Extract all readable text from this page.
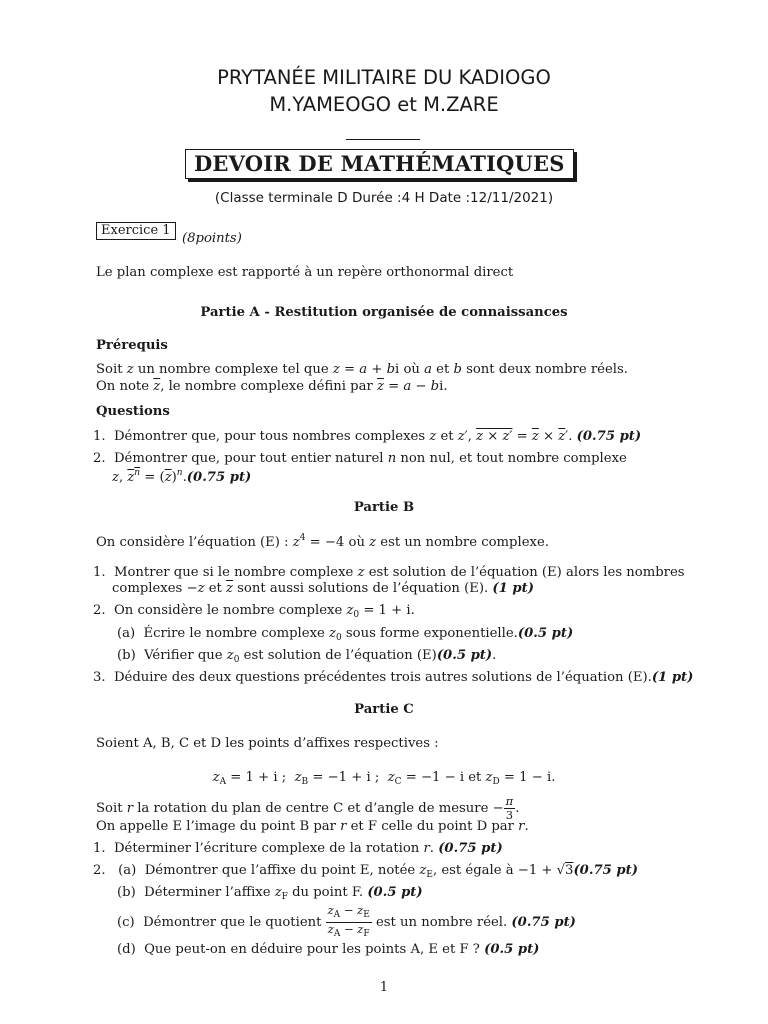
PRYTANÉE MILITAIRE DU KADIOGO
M.YAMEOGO et M.ZARE
DEVOIR DE MATHÉMATIQUES
(Classe terminale D Durée :4 H Date :12/11/2021)
Exercice 1
(8points)
Le plan complexe est rapporté à un repère orthonormal direct
Partie A - Restitution organisée de connaissances
Prérequis
Soit z un nombre complexe tel que z = a + bi où a et b sont deux nombre réels.
On note $\overline{z}$, le nombre complexe défini par $\overline{z} = a$ − bi.
Questions
1.  Démontrer que, pour tous nombres complexes z et z′, $z \times z' = \overline{z} \times \overline{z}'$. (0.75 pt)
2.  Démontrer que, pour tout entier naturel n non nul, et tout nombre complexe
z, $z^n = (\overline{z})^n.(0.75$ pt)
Partie B
On considère l’équation (E) : $z^4 = -4$ où z est un nombre complexe.
1.  Montrer que si le nombre complexe z est solution de l’équation (E) alors les nombres
complexes −z et $\overline{z}$ sont aussi solutions de l’équation (E). (1 pt)
2.  On considère le nombre complexe $z_0 = 1 + i$.
(a)  Écrire le nombre complexe $z_0$ sous forme exponentielle.(0.5 pt)
(b)  Vérifier que $z_0$ est solution de l’équation (E)(0.5 pt).
3.  Déduire des deux questions précédentes trois autres solutions de l’équation (E).(1 pt)
Partie C
Soient A, B, C et D les points d’affixes respectives :
$z_A = 1 + i$ ;  $z_B = -1 + i$ ;  $z_C = -1 - i$ et $z_D = 1 - i$.
Soit r la rotation du plan de centre C et d’angle de mesure − $\frac{\pi}{3}$ .
On appelle E l’image du point B par r et F celle du point D par r.
1.  Déterminer l’écriture complexe de la rotation r. (0.75 pt)
2.   (a)  Démontrer que l’affixe du point E, notée $z_E$, est égale à −1 + √3(0.75 pt)
(b)  Déterminer l’affixe $z_F$ du point F. (0.5 pt)
(c)  Démontrer que le quotient $\frac{z_A - z_E}{z_A - z_F}$ est un nombre réel. (0.75 pt)
(d)  Que peut-on en déduire pour les points A, E et F ? (0.5 pt)
1
